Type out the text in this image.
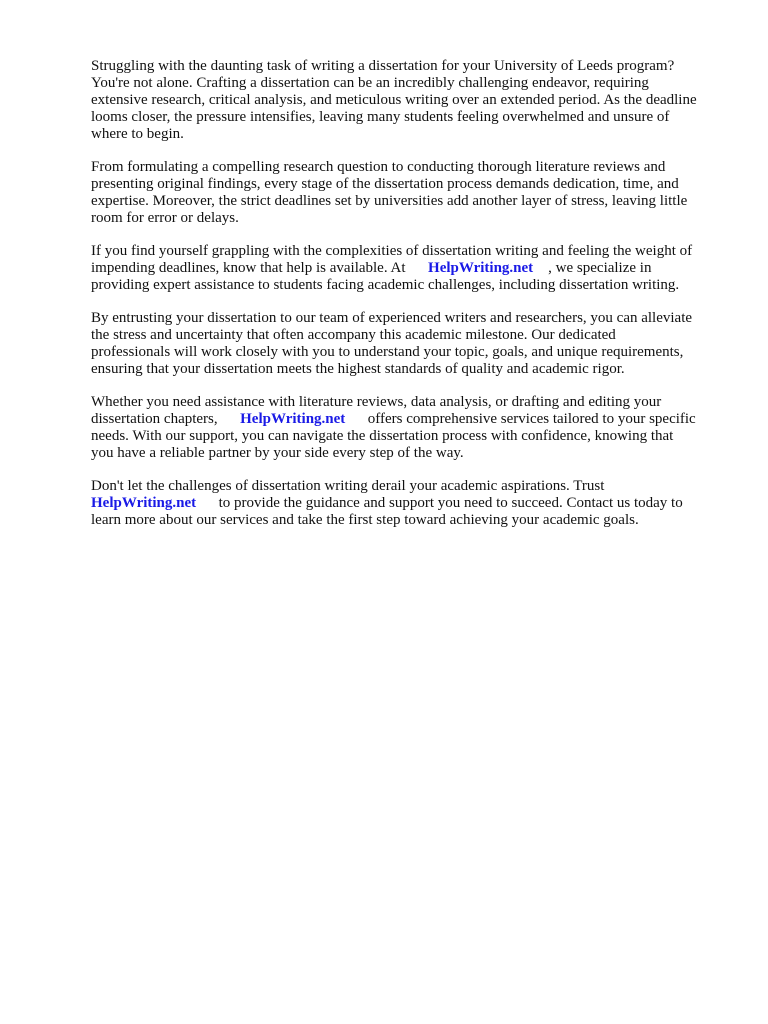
Struggling with the daunting task of writing a dissertation for your University of Leeds program?
You're not alone. Crafting a dissertation can be an incredibly challenging endeavor, requiring
extensive research, critical analysis, and meticulous writing over an extended period. As the deadline
looms closer, the pressure intensifies, leaving many students feeling overwhelmed and unsure of
where to begin.

From formulating a compelling research question to conducting thorough literature reviews and
presenting original findings, every stage of the dissertation process demands dedication, time, and
expertise. Moreover, the strict deadlines set by universities add another layer of stress, leaving little
room for error or delays.

If you find yourself grappling with the complexities of dissertation writing and feeling the weight of
impending deadlines, know that help is available. At      HelpWriting.net    , we specialize in
providing expert assistance to students facing academic challenges, including dissertation writing.

By entrusting your dissertation to our team of experienced writers and researchers, you can alleviate
the stress and uncertainty that often accompany this academic milestone. Our dedicated
professionals will work closely with you to understand your topic, goals, and unique requirements,
ensuring that your dissertation meets the highest standards of quality and academic rigor.

Whether you need assistance with literature reviews, data analysis, or drafting and editing your
dissertation chapters,      HelpWriting.net      offers comprehensive services tailored to your specific
needs. With our support, you can navigate the dissertation process with confidence, knowing that
you have a reliable partner by your side every step of the way.

Don't let the challenges of dissertation writing derail your academic aspirations. Trust
HelpWriting.net      to provide the guidance and support you need to succeed. Contact us today to
learn more about our services and take the first step toward achieving your academic goals.
